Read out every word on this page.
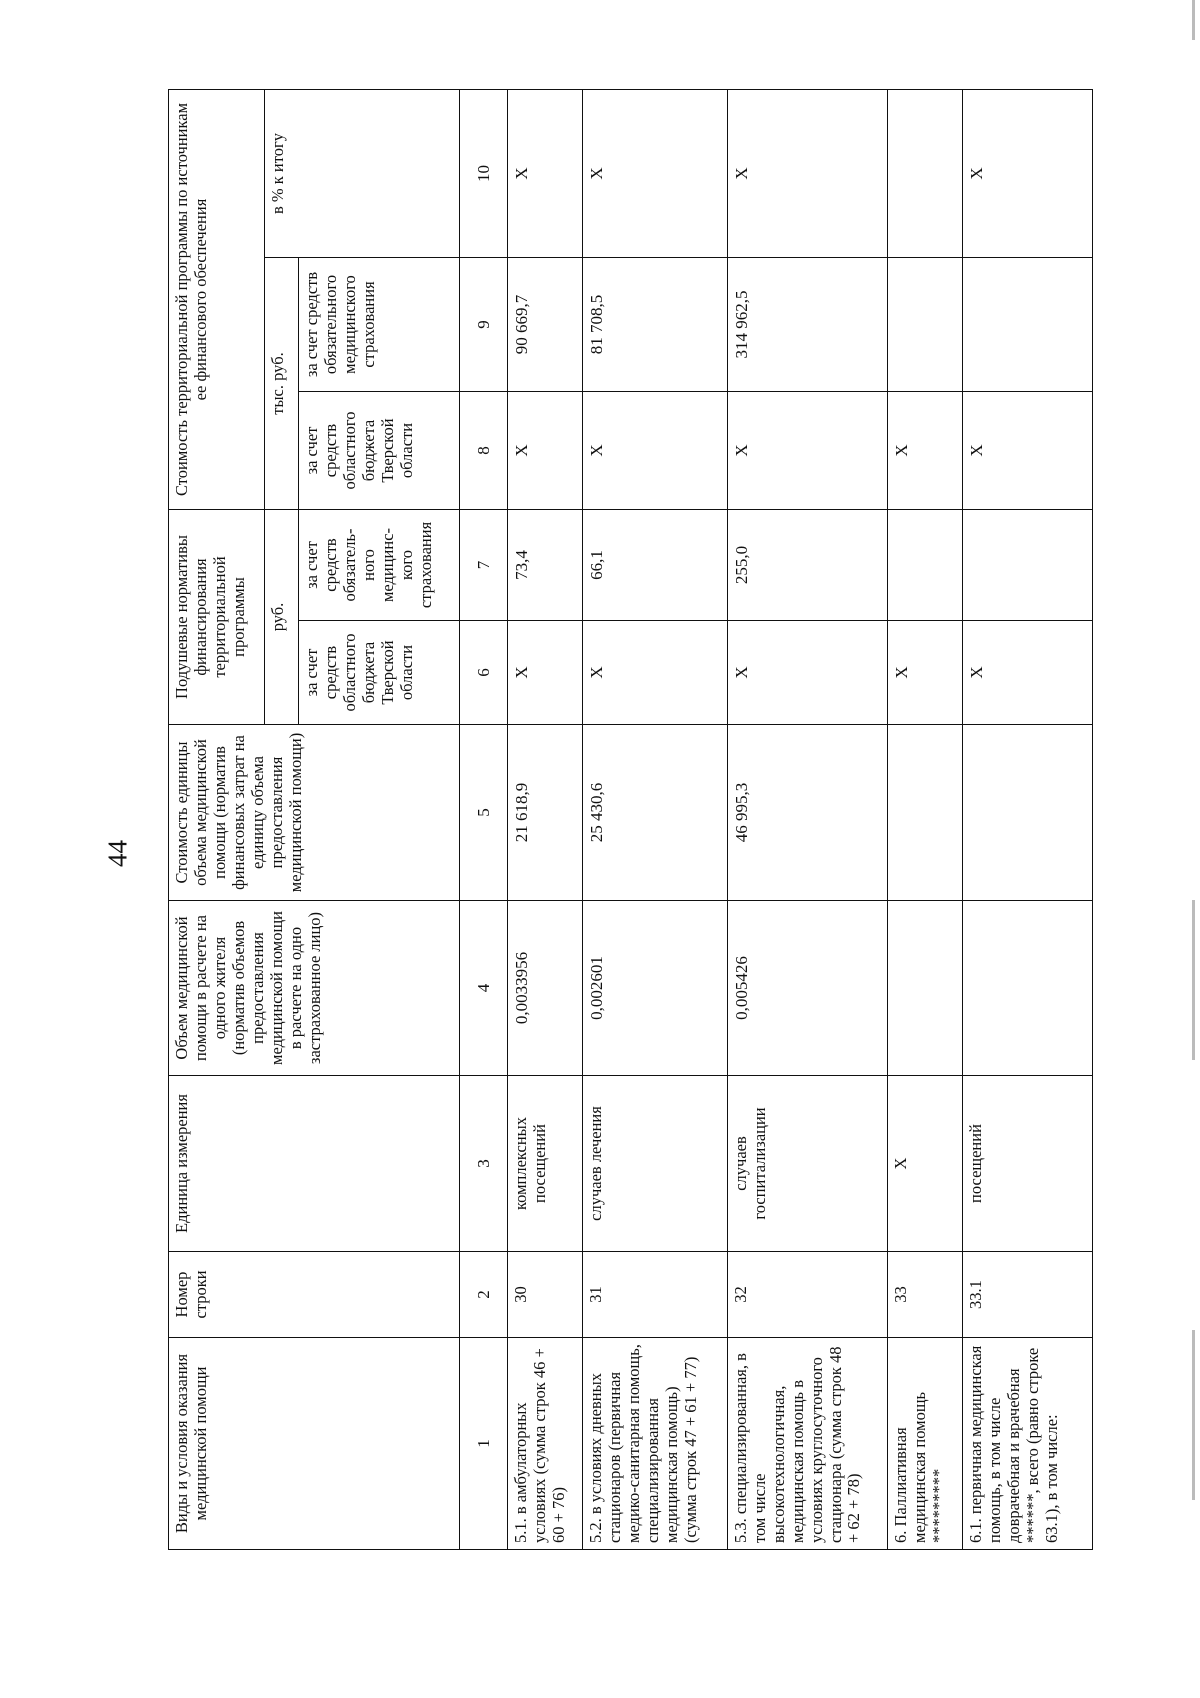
44
Виды и условия оказания медицинской помощи	Номер строки	Единица измерения	Объем медицинской помощи в расчете на одного жителя (норматив объемов предоставления медицинской помощи в расчете на одно застрахованное лицо)	Стоимость единицы объема медицинской помощи (норматив финансовых затрат на единицу объема предоставления медицинской помощи)	Подушевые нормативы финансирования территориальной программы		Стоимость территориальной программы по источникам ее финансового обеспечения		
					руб.		тыс. руб.		в % к итогу
					за счет средств областного бюджета Тверской области	за счет средств обязатель-ного медицинс-кого страхования	за счет средств областного бюджета Тверской области	за счет средств обязательного медицинского страхования	
1	2	3	4	5	6	7	8	9	10
5.1. в амбулаторных условиях (сумма строк 46 + 60 + 76)	30	комплексных посещений	0,0033956	21 618,9	X	73,4	X	90 669,7	X
5.2. в условиях дневных стационаров (первичная медико-санитарная помощь, специализированная медицинская помощь) (сумма строк 47 + 61 + 77)	31	случаев лечения	0,002601	25 430,6	X	66,1	X	81 708,5	X
5.3. специализированная, в том числе высокотехнологичная, медицинская помощь в условиях круглосуточного стационара (сумма строк 48 + 62 + 78)	32	случаев госпитализации	0,005426	46 995,3	X	255,0	X	314 962,5	X
6. Паллиативная медицинская помощь *********	33	X			X		X		
6.1. первичная медицинская помощь, в том числе доврачебная и врачебная ******, всего (равно строке 63.1), в том числе:	33.1	посещений			X		X		X
